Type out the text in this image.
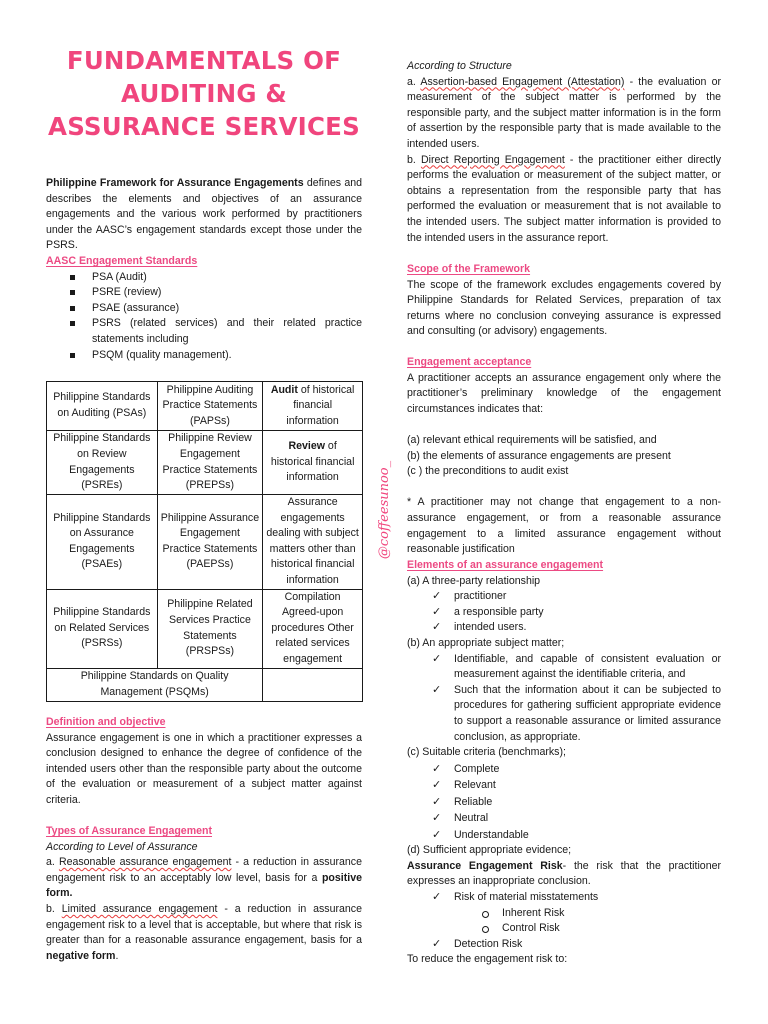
FUNDAMENTALS OF AUDITING & ASSURANCE SERVICES
Philippine Framework for Assurance Engagements defines and describes the elements and objectives of an assurance engagements and the various work performed by practitioners under the AASC’s engagement standards except those under the PSRS.
AASC Engagement Standards
PSA (Audit)
PSRE (review)
PSAE (assurance)
PSRS (related services) and their related practice statements including
PSQM (quality management).
Philippine Standards on Auditing (PSAs)	Philippine Auditing Practice Statements (PAPSs)	Audit of historical financial information
Philippine Standards on Review Engagements (PSREs)	Philippine Review Engagement Practice Statements (PREPSs)	Review of historical financial information
Philippine Standards on Assurance Engagements (PSAEs)	Philippine Assurance Engagement Practice Statements (PAEPSs)	Assurance engagements dealing with subject matters other than historical financial information
Philippine Standards on Related Services (PSRSs)	Philippine Related Services Practice Statements (PRSPSs)	Compilation Agreed-upon procedures Other related services engagement
Philippine Standards on Quality Management (PSQMs)		
Definition and objective
Assurance engagement is one in which a practitioner expresses a conclusion designed to enhance the degree of confidence of the intended users other than the responsible party about the outcome of the evaluation or measurement of a subject matter against criteria.
Types of Assurance Engagement
According to Level of Assurance
a. Reasonable assurance engagement - a reduction in assurance engagement risk to an acceptably low level, basis for a positive form.
b. Limited assurance engagement - a reduction in assurance engagement risk to a level that is acceptable, but where that risk is greater than for a reasonable assurance engagement, basis for a negative form.
@coffeesunoo_
According to Structure
a. Assertion-based Engagement (Attestation) - the evaluation or measurement of the subject matter is performed by the responsible party, and the subject matter information is in the form of assertion by the responsible party that is made available to the intended users.
b. Direct Reporting Engagement - the practitioner either directly performs the evaluation or measurement of the subject matter, or obtains a representation from the responsible party that has performed the evaluation or measurement that is not available to the intended users. The subject matter information is provided to the intended users in the assurance report.
Scope of the Framework
The scope of the framework excludes engagements covered by Philippine Standards for Related Services, preparation of tax returns where no conclusion conveying assurance is expressed and consulting (or advisory) engagements.
Engagement acceptance
A practitioner accepts an assurance engagement only where the practitioner’s preliminary knowledge of the engagement circumstances indicates that:
(a) relevant ethical requirements will be satisfied, and
(b) the elements of assurance engagements are present
(c ) the preconditions to audit exist
* A practitioner may not change that engagement to a non-assurance engagement, or from a reasonable assurance engagement to a limited assurance engagement without reasonable justification
Elements of an assurance engagement
(a) A three-party relationship
✓ practitioner
✓ a responsible party
✓ intended users.
(b) An appropriate subject matter;
✓ Identifiable, and capable of consistent evaluation or measurement against the identifiable criteria, and
✓ Such that the information about it can be subjected to procedures for gathering sufficient appropriate evidence to support a reasonable assurance or limited assurance conclusion, as appropriate.
(c) Suitable criteria (benchmarks);
✓ Complete
✓ Relevant
✓ Reliable
✓ Neutral
✓ Understandable
(d) Sufficient appropriate evidence;
Assurance Engagement Risk- the risk that the practitioner expresses an inappropriate conclusion.
✓ Risk of material misstatements
Inherent Risk
Control Risk
✓ Detection Risk
To reduce the engagement risk to:
